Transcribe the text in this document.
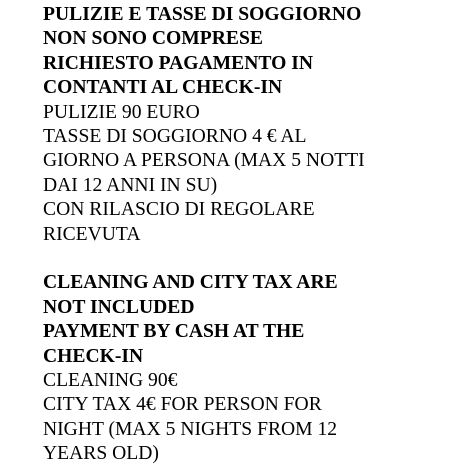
PULIZIE E TASSE DI SOGGIORNO
NON SONO COMPRESE
RICHIESTO PAGAMENTO IN
CONTANTI AL CHECK-IN
PULIZIE 90 EURO
TASSE DI SOGGIORNO 4 € AL
GIORNO A PERSONA (MAX 5 NOTTI
DAI 12 ANNI IN SU)
CON RILASCIO DI REGOLARE
RICEVUTA
CLEANING AND CITY TAX ARE
NOT INCLUDED
PAYMENT BY CASH AT THE
CHECK-IN
CLEANING 90€
CITY TAX 4€ FOR PERSON FOR
NIGHT (MAX 5 NIGHTS FROM 12
YEARS OLD)
